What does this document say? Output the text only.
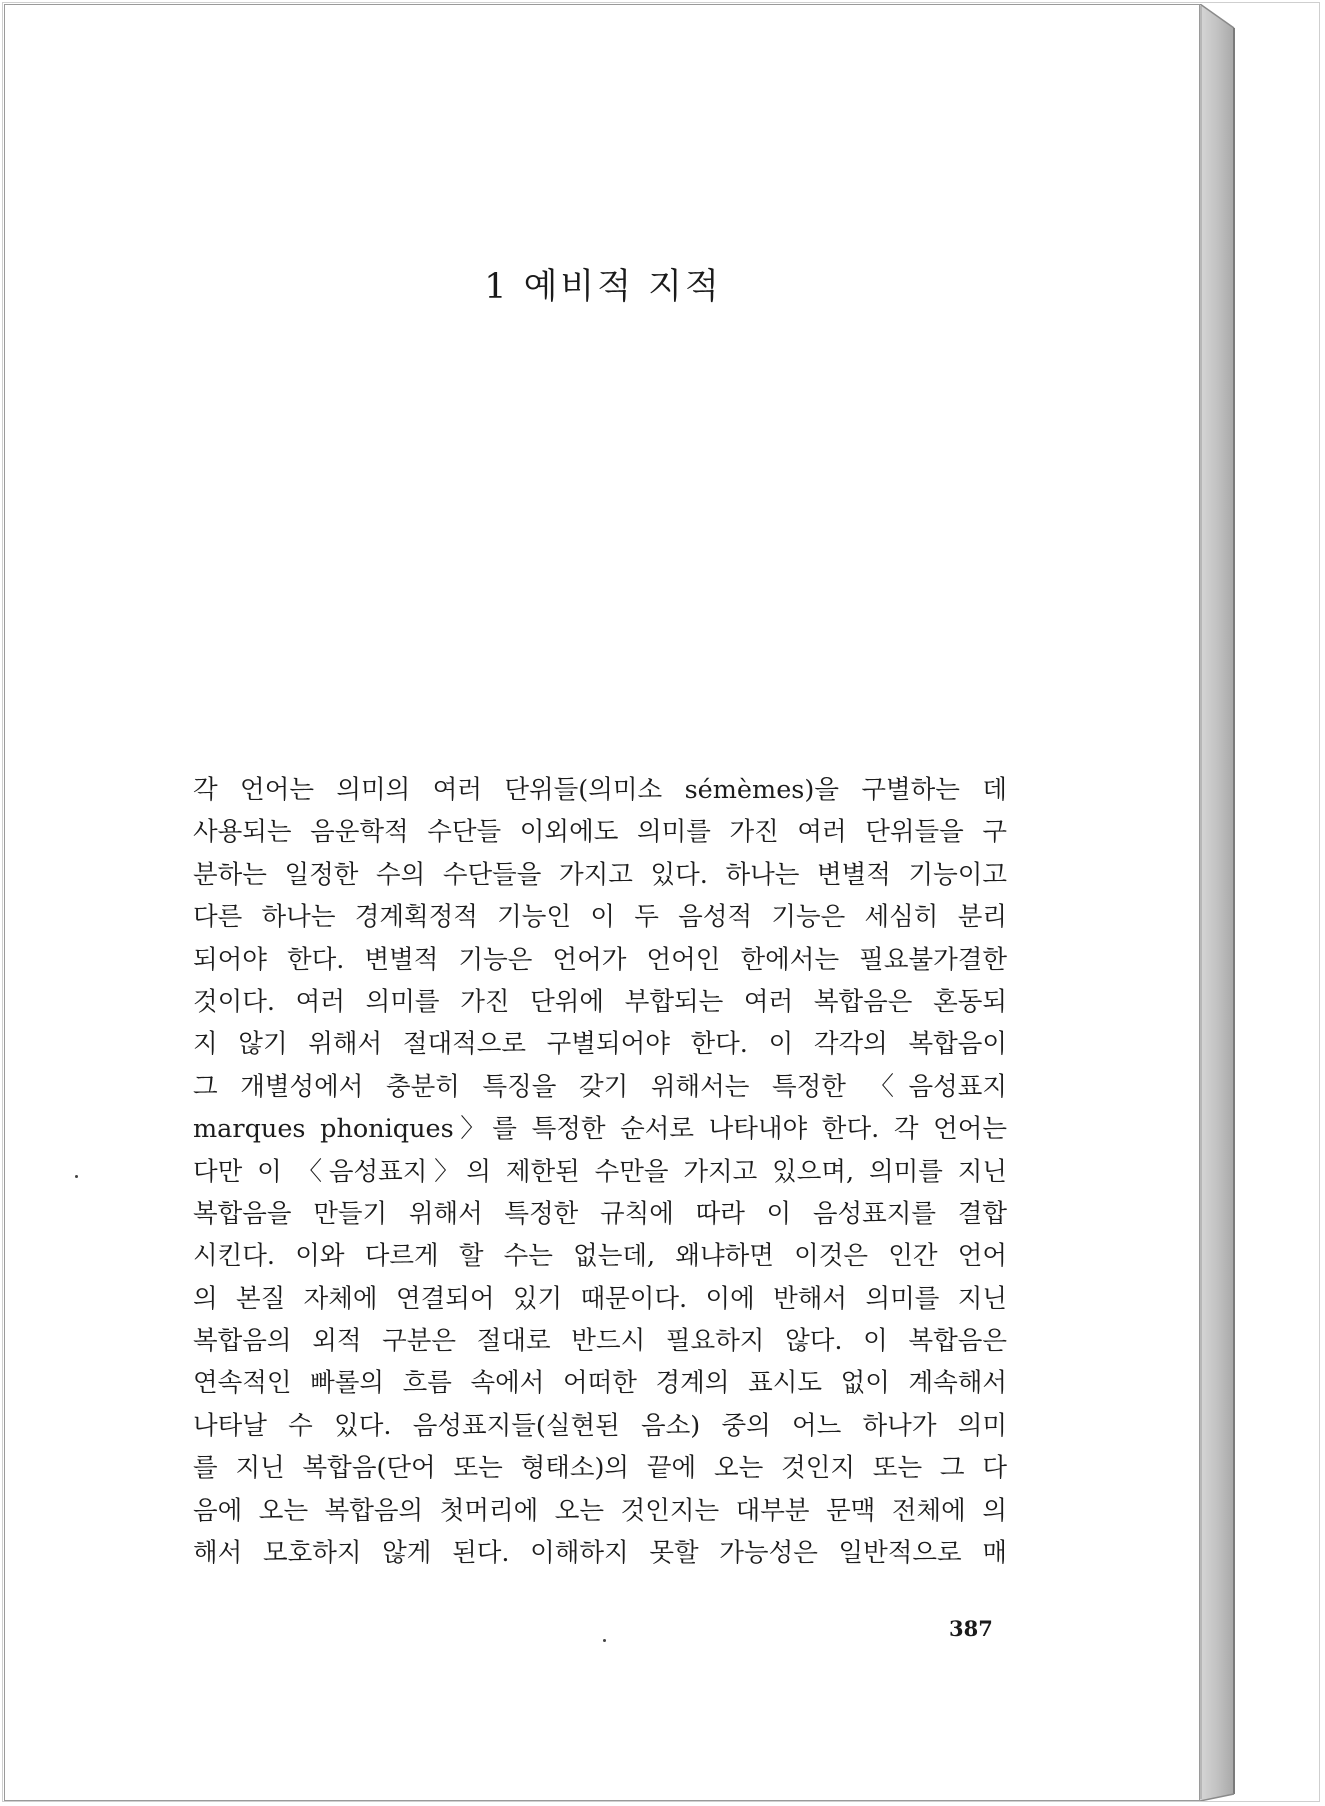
1 예비적 지적
각 언어는 의미의 여러 단위들(의미소 sémèmes)을 구별하는 데
사용되는 음운학적 수단들 이외에도 의미를 가진 여러 단위들을 구
분하는 일정한 수의 수단들을 가지고 있다. 하나는 변별적 기능이고
다른 하나는 경계획정적 기능인 이 두 음성적 기능은 세심히 분리
되어야 한다. 변별적 기능은 언어가 언어인 한에서는 필요불가결한
것이다. 여러 의미를 가진 단위에 부합되는 여러 복합음은 혼동되
지 않기 위해서 절대적으로 구별되어야 한다. 이 각각의 복합음이
그 개별성에서 충분히 특징을 갖기 위해서는 특정한 〈음성표지
marques phoniques〉를 특정한 순서로 나타내야 한다. 각 언어는
다만 이 〈음성표지〉의 제한된 수만을 가지고 있으며, 의미를 지닌
복합음을 만들기 위해서 특정한 규칙에 따라 이 음성표지를 결합
시킨다. 이와 다르게 할 수는 없는데, 왜냐하면 이것은 인간 언어
의 본질 자체에 연결되어 있기 때문이다. 이에 반해서 의미를 지닌
복합음의 외적 구분은 절대로 반드시 필요하지 않다. 이 복합음은
연속적인 빠롤의 흐름 속에서 어떠한 경계의 표시도 없이 계속해서
나타날 수 있다. 음성표지들(실현된 음소) 중의 어느 하나가 의미
를 지닌 복합음(단어 또는 형태소)의 끝에 오는 것인지 또는 그 다
음에 오는 복합음의 첫머리에 오는 것인지는 대부분 문맥 전체에 의
해서 모호하지 않게 된다. 이해하지 못할 가능성은 일반적으로 매
387
